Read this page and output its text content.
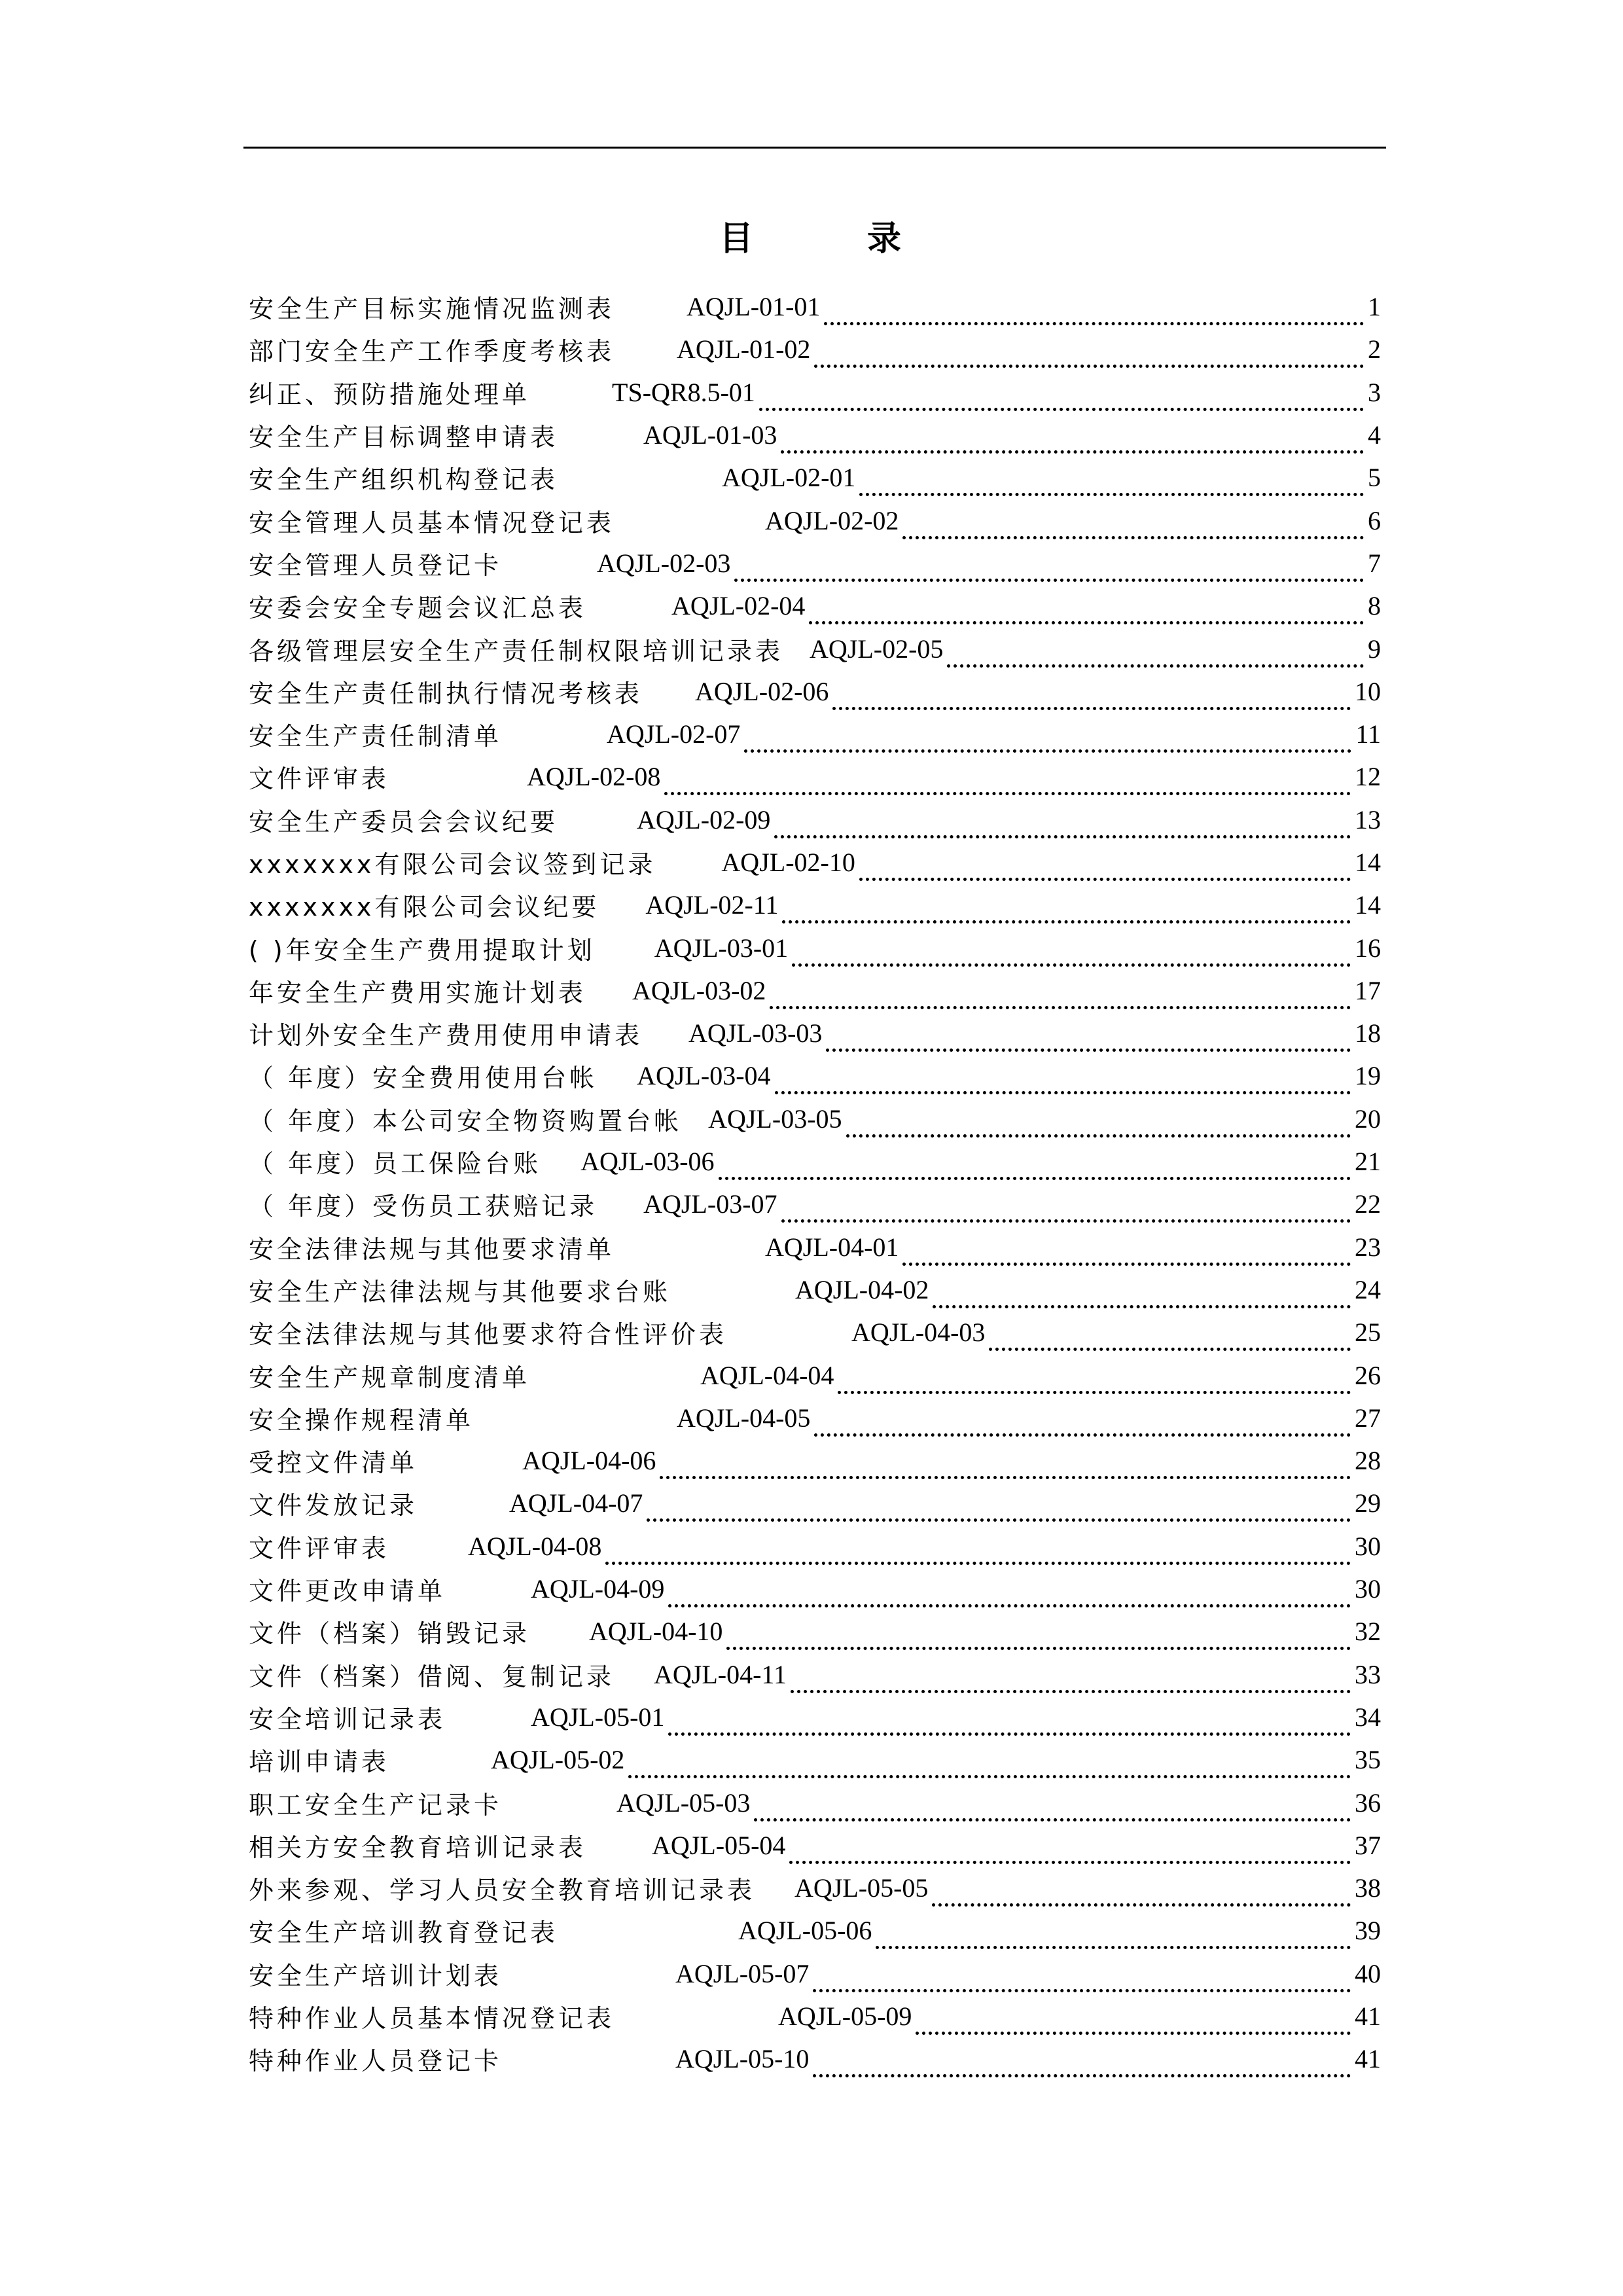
目	录
安全生产目标实施情况监测表	AQJL-01-01	1
部门安全生产工作季度考核表 AQJL-01-02	2
纠正、预防措施处理单	TS-QR8.5-01	3
安全生产目标调整申请表	AQJL-01-03	4
安全生产组织机构登记表	AQJL-02-01	5
安全管理人员基本情况登记表	AQJL-02-02	6
安全管理人员登记卡	AQJL-02-03	7
安委会安全专题会议汇总表	AQJL-02-04	8
各级管理层安全生产责任制权限培训记录表 AQJL-02-05	9
安全生产责任制执行情况考核表 AQJL-02-06	10
安全生产责任制清单	AQJL-02-07	11
文件评审表	AQJL-02-08	12
安全生产委员会会议纪要	AQJL-02-09	13
xxxxxxx有限公司会议签到记录	AQJL-02-10	14
xxxxxxx有限公司会议纪要 AQJL-02-11	14
( )年安全生产费用提取计划 AQJL-03-01	16
年安全生产费用实施计划表 AQJL-03-02	17
计划外安全生产费用使用申请表 AQJL-03-03	18
（ 年度）安全费用使用台帐 AQJL-03-04	19
（ 年度）本公司安全物资购置台帐 AQJL-03-05	20
（ 年度）员工保险台账 AQJL-03-06	21
（ 年度）受伤员工获赔记录 AQJL-03-07	22
安全法律法规与其他要求清单	AQJL-04-01	23
安全生产法律法规与其他要求台账	AQJL-04-02	24
安全法律法规与其他要求符合性评价表	AQJL-04-03	25
安全生产规章制度清单	AQJL-04-04	26
安全操作规程清单	AQJL-04-05	27
受控文件清单	AQJL-04-06	28
文件发放记录	AQJL-04-07	29
文件评审表	AQJL-04-08	30
文件更改申请单	AQJL-04-09	30
文件（档案）销毁记录 AQJL-04-10	32
文件（档案）借阅、复制记录 AQJL-04-11	33
安全培训记录表	AQJL-05-01	34
培训申请表	AQJL-05-02	35
职工安全生产记录卡	AQJL-05-03	36
相关方安全教育培训记录表	AQJL-05-04	37
外来参观、学习人员安全教育培训记录表 AQJL-05-05	38
安全生产培训教育登记表	AQJL-05-06	39
安全生产培训计划表	AQJL-05-07	40
特种作业人员基本情况登记表	AQJL-05-09	41
特种作业人员登记卡	AQJL-05-10	41
